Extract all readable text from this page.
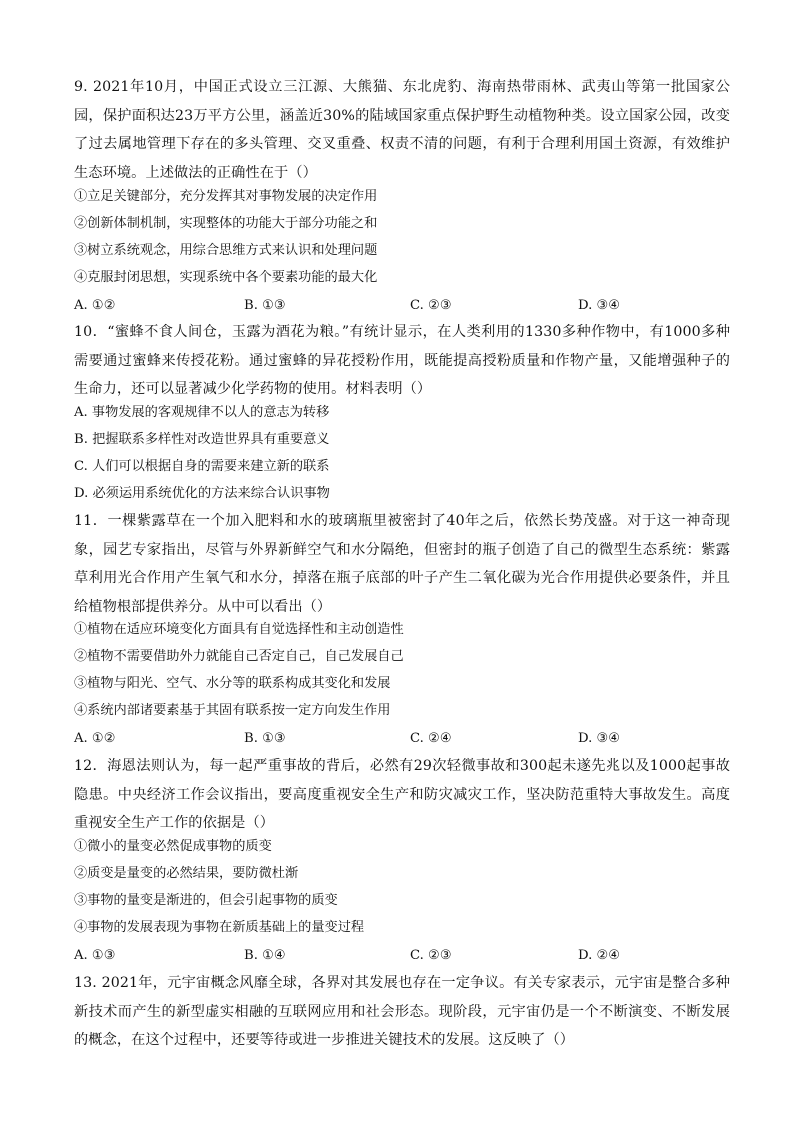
9. 2021年10月，中国正式设立三江源、大熊猫、东北虎豹、海南热带雨林、武夷山等第一批国家公园，保护面积达23万平方公里，涵盖近30%的陆域国家重点保护野生动植物种类。设立国家公园，改变了过去属地管理下存在的多头管理、交叉重叠、权责不清的问题，有利于合理利用国土资源，有效维护生态环境。上述做法的正确性在于（）
①立足关键部分，充分发挥其对事物发展的决定作用
②创新体制机制，实现整体的功能大于部分功能之和
③树立系统观念，用综合思维方式来认识和处理问题
④克服封闭思想，实现系统中各个要素功能的最大化
A. ①②	B. ①③	C. ②③	D. ③④
10．“蜜蜂不食人间仓，玉露为酒花为粮。”有统计显示，在人类利用的1330多种作物中，有1000多种需要通过蜜蜂来传授花粉。通过蜜蜂的异花授粉作用，既能提高授粉质量和作物产量，又能增强种子的生命力，还可以显著减少化学药物的使用。材料表明（）
A. 事物发展的客观规律不以人的意志为转移
B. 把握联系多样性对改造世界具有重要意义
C. 人们可以根据自身的需要来建立新的联系
D. 必须运用系统优化的方法来综合认识事物
11．一棵紫露草在一个加入肥料和水的玻璃瓶里被密封了40年之后，依然长势茂盛。对于这一神奇现象，园艺专家指出，尽管与外界新鲜空气和水分隔绝，但密封的瓶子创造了自己的微型生态系统：紫露草利用光合作用产生氧气和水分，掉落在瓶子底部的叶子产生二氧化碳为光合作用提供必要条件，并且给植物根部提供养分。从中可以看出（）
①植物在适应环境变化方面具有自觉选择性和主动创造性
②植物不需要借助外力就能自己否定自己，自己发展自己
③植物与阳光、空气、水分等的联系构成其变化和发展
④系统内部诸要素基于其固有联系按一定方向发生作用
A. ①②	B. ①③	C. ②④	D. ③④
12．海恩法则认为，每一起严重事故的背后，必然有29次轻微事故和300起未遂先兆以及1000起事故隐患。中央经济工作会议指出，要高度重视安全生产和防灾减灾工作，坚决防范重特大事故发生。高度重视安全生产工作的依据是（）
①微小的量变必然促成事物的质变
②质变是量变的必然结果，要防微杜渐
③事物的量变是渐进的，但会引起事物的质变
④事物的发展表现为事物在新质基础上的量变过程
A. ①③	B. ①④	C. ②③	D. ②④
13. 2021年，元宇宙概念风靡全球，各界对其发展也存在一定争议。有关专家表示，元宇宙是整合多种新技术而产生的新型虚实相融的互联网应用和社会形态。现阶段，元宇宙仍是一个不断演变、不断发展的概念，在这个过程中，还要等待或进一步推进关键技术的发展。这反映了（）
